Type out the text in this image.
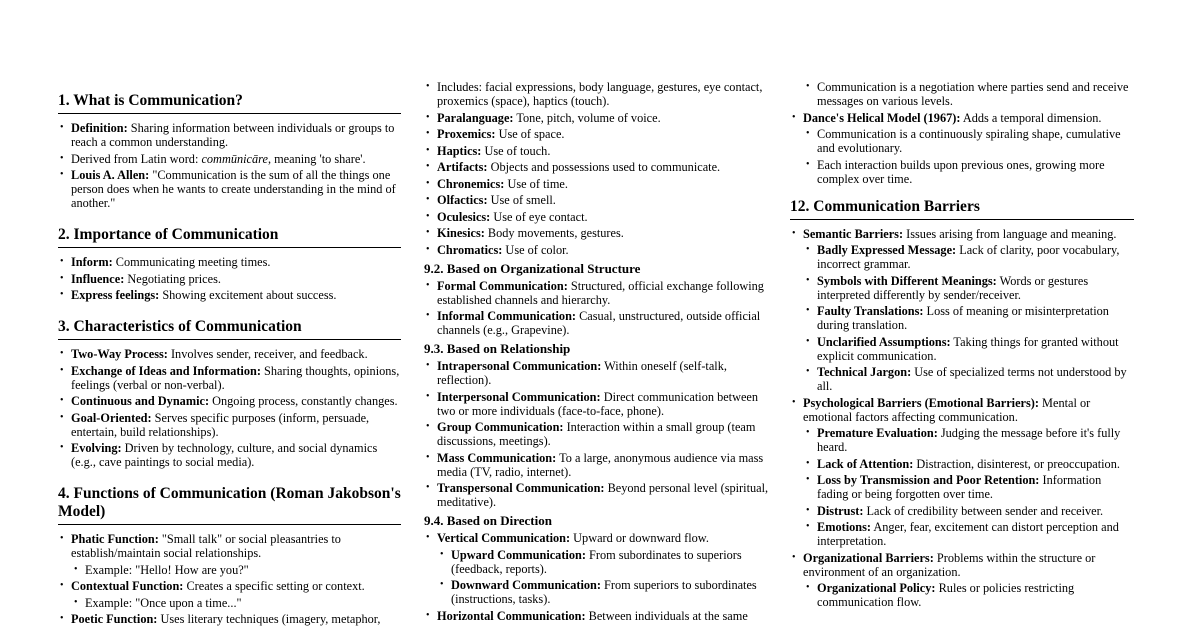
1. What is Communication?
• Definition: Sharing information between individuals or groups to reach a common understanding.
• Derived from Latin word: commūnicāre, meaning 'to share'.
• Louis A. Allen: "Communication is the sum of all the things one person does when he wants to create understanding in the mind of another."
2. Importance of Communication
• Inform: Communicating meeting times.
• Influence: Negotiating prices.
• Express feelings: Showing excitement about success.
3. Characteristics of Communication
• Two-Way Process: Involves sender, receiver, and feedback.
• Exchange of Ideas and Information: Sharing thoughts, opinions, feelings (verbal or non-verbal).
• Continuous and Dynamic: Ongoing process, constantly changes.
• Goal-Oriented: Serves specific purposes (inform, persuade, entertain, build relationships).
• Evolving: Driven by technology, culture, and social dynamics (e.g., cave paintings to social media).
4. Functions of Communication (Roman Jakobson's Model)
• Phatic Function: "Small talk" or social pleasantries to establish/maintain social relationships.
• Example: "Hello! How are you?"
• Contextual Function: Creates a specific setting or context.
• Example: "Once upon a time..."
• Poetic Function: Uses literary techniques (imagery, metaphor,
• Includes: facial expressions, body language, gestures, eye contact, proxemics (space), haptics (touch).
• Paralanguage: Tone, pitch, volume of voice.
• Proxemics: Use of space.
• Haptics: Use of touch.
• Artifacts: Objects and possessions used to communicate.
• Chronemics: Use of time.
• Olfactics: Use of smell.
• Oculesics: Use of eye contact.
• Kinesics: Body movements, gestures.
• Chromatics: Use of color.
9.2. Based on Organizational Structure
• Formal Communication: Structured, official exchange following established channels and hierarchy.
• Informal Communication: Casual, unstructured, outside official channels (e.g., Grapevine).
9.3. Based on Relationship
• Intrapersonal Communication: Within oneself (self-talk, reflection).
• Interpersonal Communication: Direct communication between two or more individuals (face-to-face, phone).
• Group Communication: Interaction within a small group (team discussions, meetings).
• Mass Communication: To a large, anonymous audience via mass media (TV, radio, internet).
• Transpersonal Communication: Beyond personal level (spiritual, meditative).
9.4. Based on Direction
• Vertical Communication: Upward or downward flow.
• Upward Communication: From subordinates to superiors (feedback, reports).
• Downward Communication: From superiors to subordinates (instructions, tasks).
• Horizontal Communication: Between individuals at the same
• Communication is a negotiation where parties send and receive messages on various levels.
• Dance's Helical Model (1967): Adds a temporal dimension.
• Communication is a continuously spiraling shape, cumulative and evolutionary.
• Each interaction builds upon previous ones, growing more complex over time.
12. Communication Barriers
• Semantic Barriers: Issues arising from language and meaning.
• Badly Expressed Message: Lack of clarity, poor vocabulary, incorrect grammar.
• Symbols with Different Meanings: Words or gestures interpreted differently by sender/receiver.
• Faulty Translations: Loss of meaning or misinterpretation during translation.
• Unclarified Assumptions: Taking things for granted without explicit communication.
• Technical Jargon: Use of specialized terms not understood by all.
• Psychological Barriers (Emotional Barriers): Mental or emotional factors affecting communication.
• Premature Evaluation: Judging the message before it's fully heard.
• Lack of Attention: Distraction, disinterest, or preoccupation.
• Loss by Transmission and Poor Retention: Information fading or being forgotten over time.
• Distrust: Lack of credibility between sender and receiver.
• Emotions: Anger, fear, excitement can distort perception and interpretation.
• Organizational Barriers: Problems within the structure or environment of an organization.
• Organizational Policy: Rules or policies restricting communication flow.
